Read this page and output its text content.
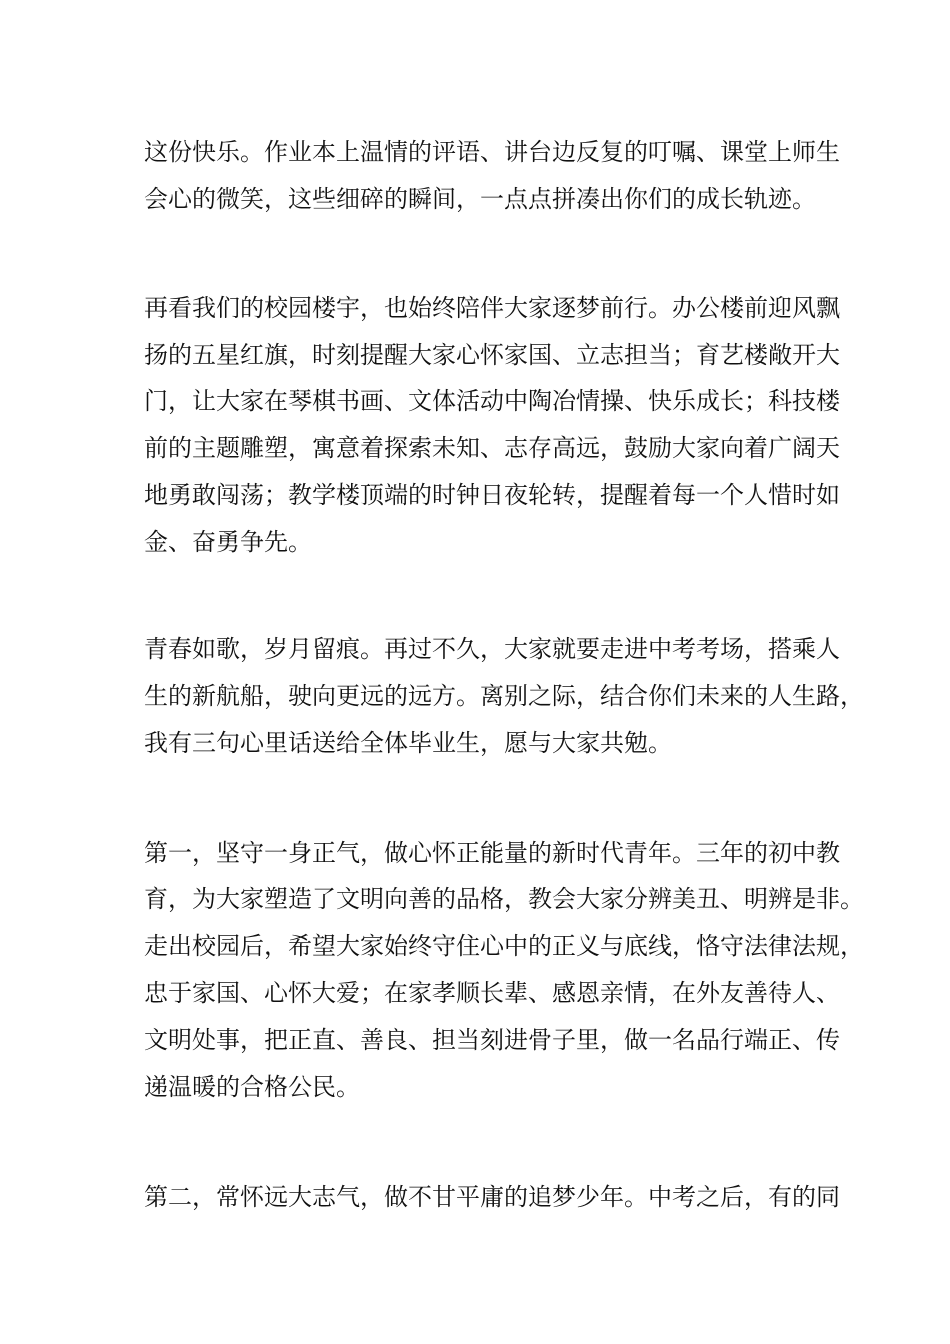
这份快乐。作业本上温情的评语、讲台边反复的叮嘱、课堂上师生

会心的微笑，这些细碎的瞬间，一点点拼凑出你们的成长轨迹。

再看我们的校园楼宇，也始终陪伴大家逐梦前行。办公楼前迎风飘

扬的五星红旗，时刻提醒大家心怀家国、立志担当；育艺楼敞开大

门，让大家在琴棋书画、文体活动中陶冶情操、快乐成长；科技楼

前的主题雕塑，寓意着探索未知、志存高远，鼓励大家向着广阔天

地勇敢闯荡；教学楼顶端的时钟日夜轮转，提醒着每一个人惜时如

金、奋勇争先。

青春如歌，岁月留痕。再过不久，大家就要走进中考考场，搭乘人

生的新航船，驶向更远的远方。离别之际，结合你们未来的人生路，

我有三句心里话送给全体毕业生，愿与大家共勉。

第一，坚守一身正气，做心怀正能量的新时代青年。三年的初中教

育，为大家塑造了文明向善的品格，教会大家分辨美丑、明辨是非。

走出校园后，希望大家始终守住心中的正义与底线，恪守法律法规，

忠于家国、心怀大爱；在家孝顺长辈、感恩亲情，在外友善待人、

文明处事，把正直、善良、担当刻进骨子里，做一名品行端正、传

递温暖的合格公民。

第二，常怀远大志气，做不甘平庸的追梦少年。中考之后，有的同
